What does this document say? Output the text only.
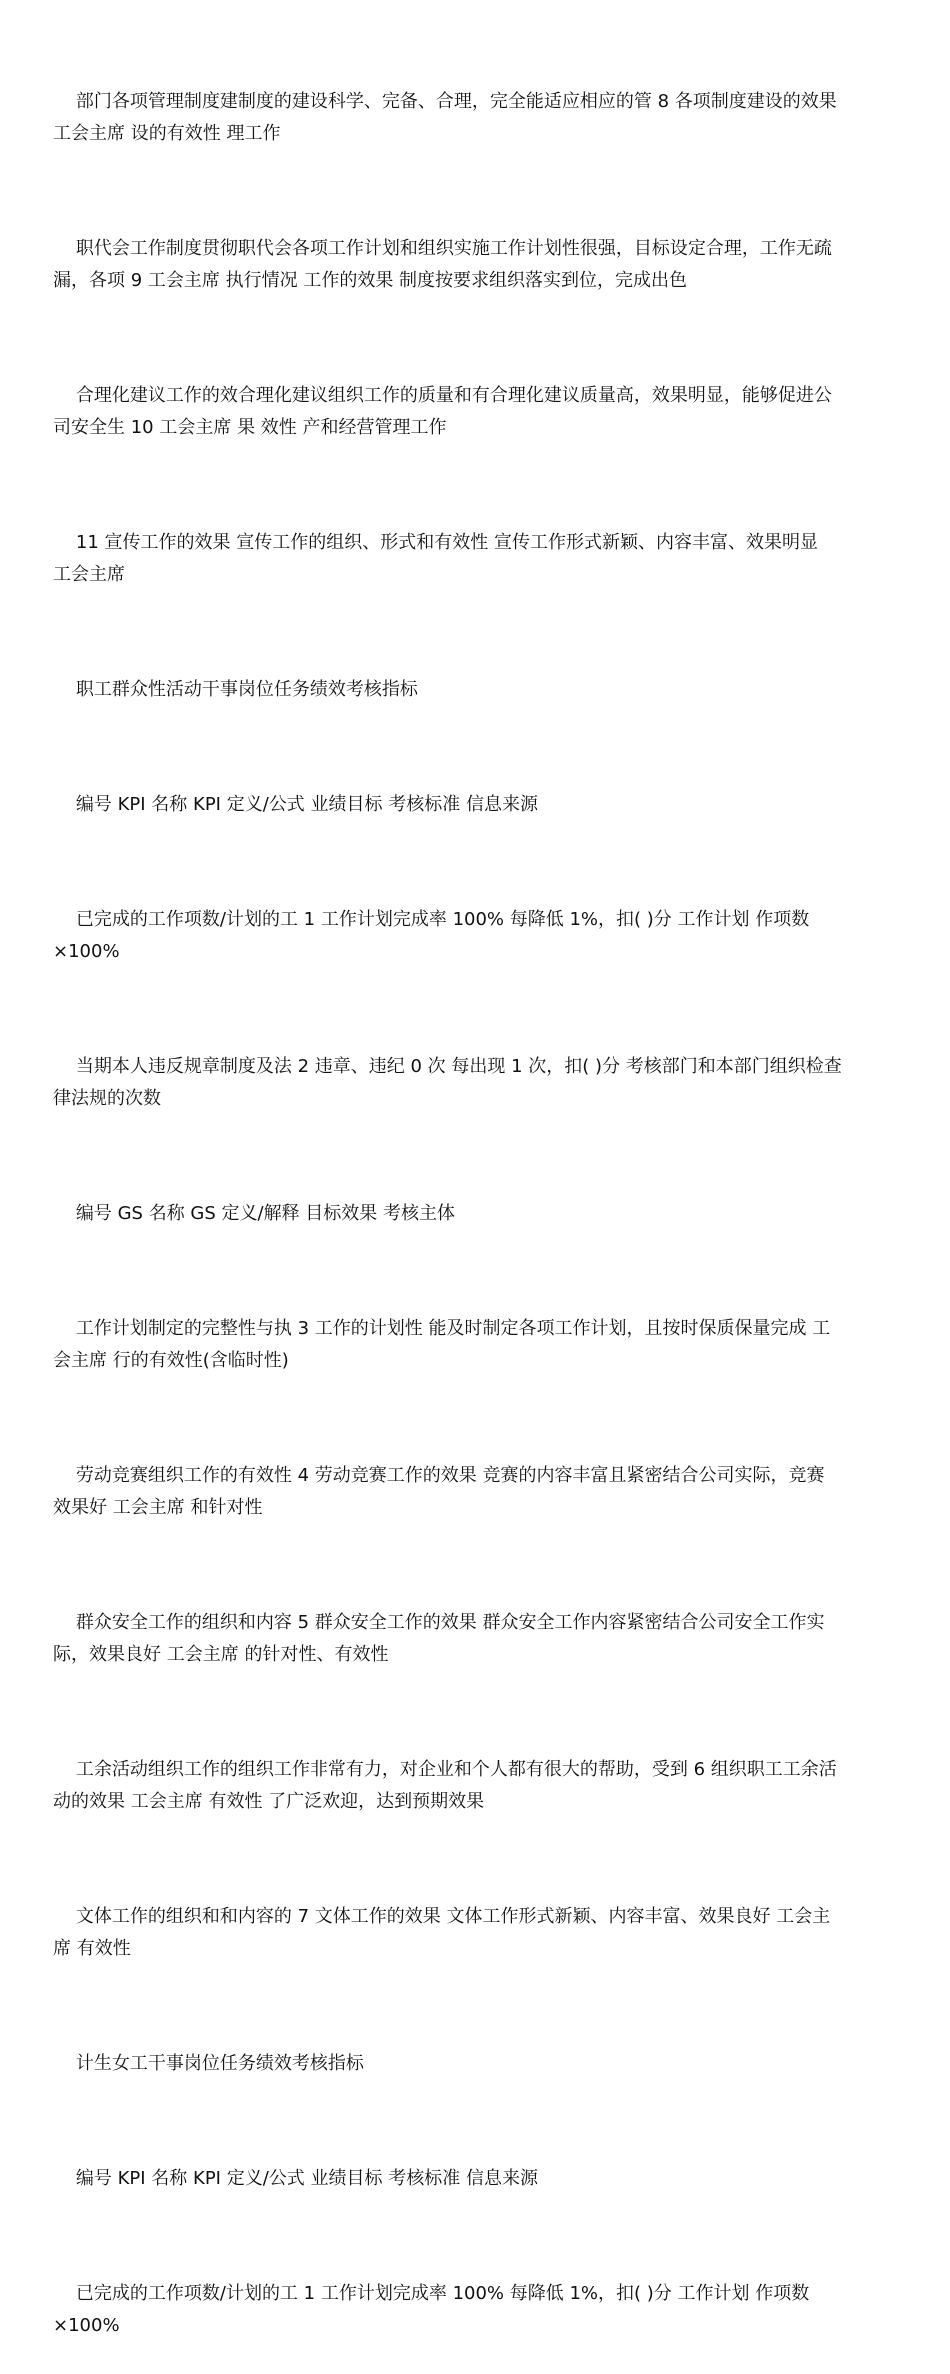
部门各项管理制度建制度的建设科学、完备、合理，完全能适应相应的管 8 各项制度建设的效果
工会主席 设的有效性 理工作

职代会工作制度贯彻职代会各项工作计划和组织实施工作计划性很强，目标设定合理，工作无疏
漏，各项 9 工会主席 执行情况 工作的效果 制度按要求组织落实到位，完成出色

合理化建议工作的效合理化建议组织工作的质量和有合理化建议质量高，效果明显，能够促进公
司安全生 10 工会主席 果 效性 产和经营管理工作

11 宣传工作的效果 宣传工作的组织、形式和有效性 宣传工作形式新颖、内容丰富、效果明显
工会主席

职工群众性活动干事岗位任务绩效考核指标

编号 KPI 名称 KPI 定义/公式 业绩目标 考核标准 信息来源

已完成的工作项数/计划的工 1 工作计划完成率 100% 每降低 1%，扣( )分 工作计划 作项数
×100%

当期本人违反规章制度及法 2 违章、违纪 0 次 每出现 1 次，扣( )分 考核部门和本部门组织检查
律法规的次数

编号 GS 名称 GS 定义/解释 目标效果 考核主体

工作计划制定的完整性与执 3 工作的计划性 能及时制定各项工作计划，且按时保质保量完成 工
会主席 行的有效性(含临时性)

劳动竞赛组织工作的有效性 4 劳动竞赛工作的效果 竞赛的内容丰富且紧密结合公司实际，竞赛
效果好 工会主席 和针对性

群众安全工作的组织和内容 5 群众安全工作的效果 群众安全工作内容紧密结合公司安全工作实
际，效果良好 工会主席 的针对性、有效性

工余活动组织工作的组织工作非常有力，对企业和个人都有很大的帮助，受到 6 组织职工工余活
动的效果 工会主席 有效性 了广泛欢迎，达到预期效果

文体工作的组织和和内容的 7 文体工作的效果 文体工作形式新颖、内容丰富、效果良好 工会主
席 有效性

计生女工干事岗位任务绩效考核指标

编号 KPI 名称 KPI 定义/公式 业绩目标 考核标准 信息来源

已完成的工作项数/计划的工 1 工作计划完成率 100% 每降低 1%，扣( )分 工作计划 作项数
×100%
